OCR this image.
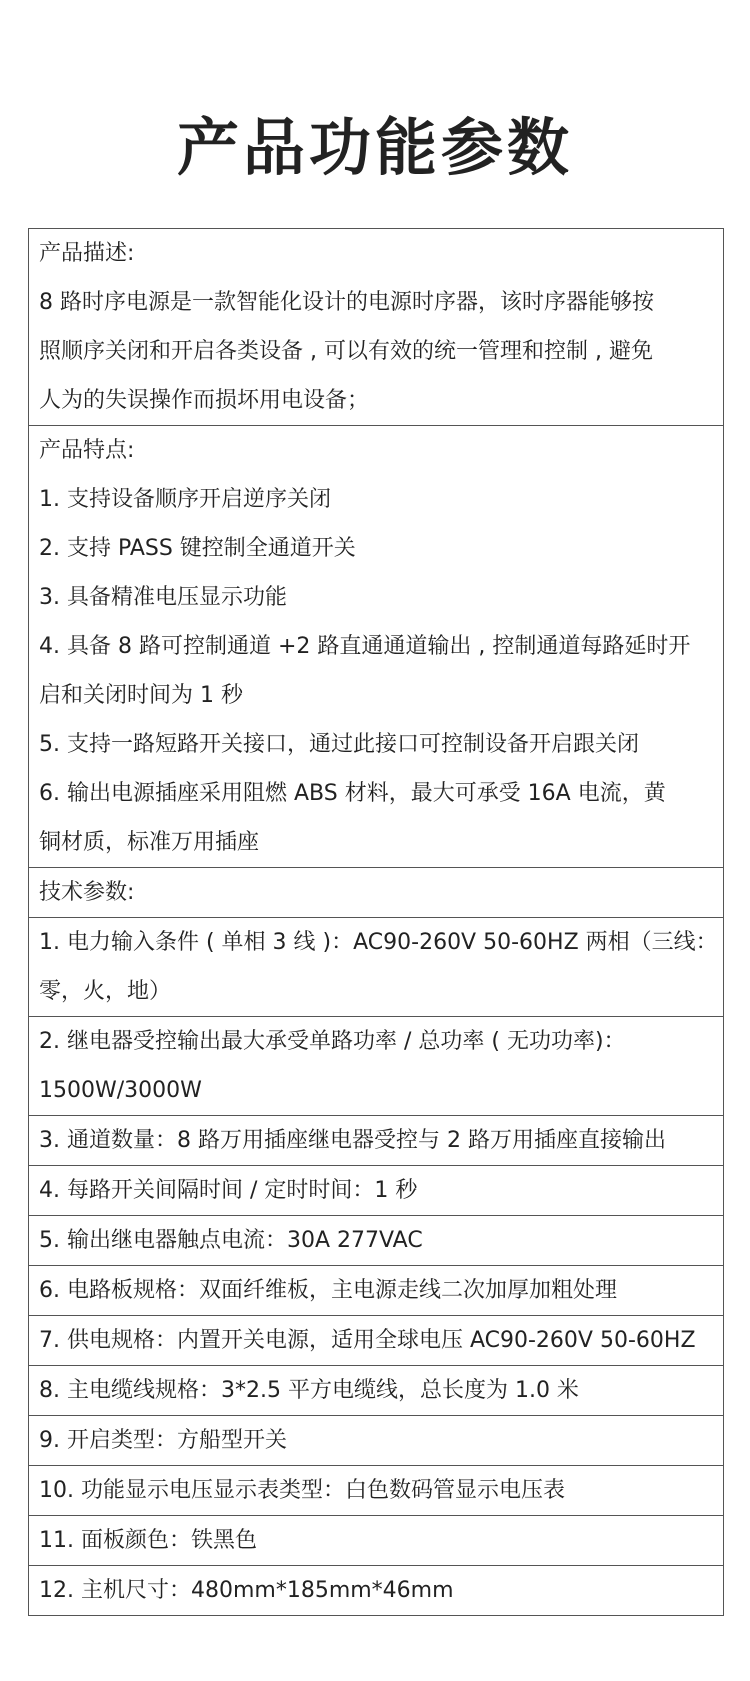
产品功能参数
产品描述:
8 路时序电源是一款智能化设计的电源时序器，该时序器能够按
照顺序关闭和开启各类设备 , 可以有效的统一管理和控制 , 避免
人为的失误操作而损坏用电设备；
产品特点:
1. 支持设备顺序开启逆序关闭
2. 支持 PASS 键控制全通道开关
3. 具备精准电压显示功能
4. 具备 8 路可控制通道 +2 路直通通道输出 , 控制通道每路延时开
启和关闭时间为 1 秒
5. 支持一路短路开关接口，通过此接口可控制设备开启跟关闭
6. 输出电源插座采用阻燃 ABS 材料，最大可承受 16A 电流，黄
铜材质，标准万用插座
技术参数:
1. 电力输入条件 ( 单相 3 线 )：AC90-260V 50-60HZ 两相（三线：
零，火，地）
2. 继电器受控输出最大承受单路功率 / 总功率 ( 无功功率)：
1500W/3000W
3. 通道数量：8 路万用插座继电器受控与 2 路万用插座直接输出
4. 每路开关间隔时间 / 定时时间：1 秒
5. 输出继电器触点电流：30A 277VAC
6. 电路板规格：双面纤维板，主电源走线二次加厚加粗处理
7. 供电规格：内置开关电源，适用全球电压 AC90-260V 50-60HZ
8. 主电缆线规格：3*2.5 平方电缆线，总长度为 1.0 米
9. 开启类型：方船型开关
10. 功能显示电压显示表类型：白色数码管显示电压表
11. 面板颜色：铁黑色
12. 主机尺寸：480mm*185mm*46mm
